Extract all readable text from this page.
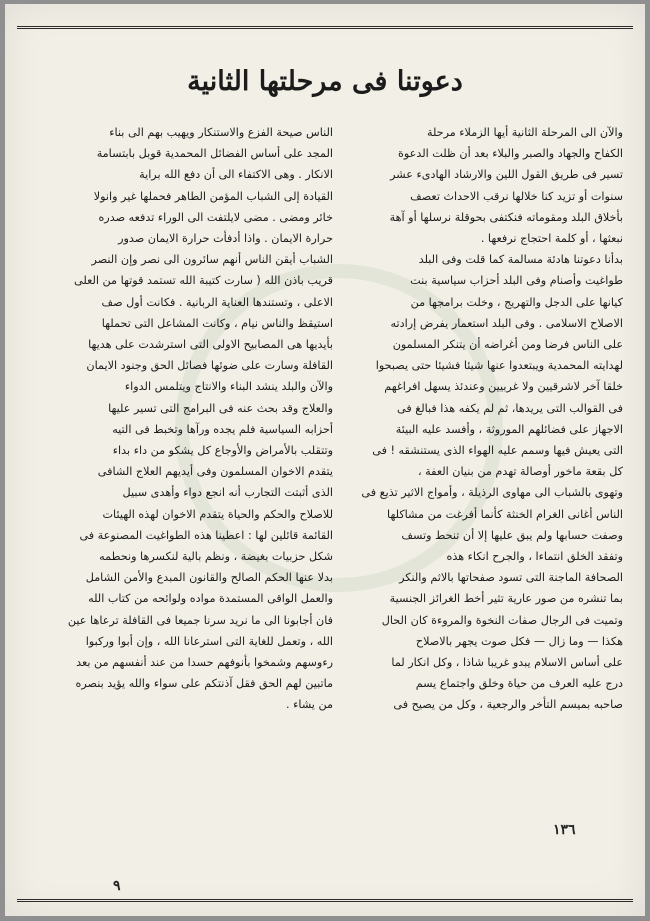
دعوتنا فى مرحلتها الثانية
والآن الى المرحلة الثانية أيها الزملاء مرحلة
الكفاح والجهاد والصبر والبلاء بعد أن ظلت الدعوة
تسير فى طريق القول اللين والارشاد الهادىء عشر
سنوات أو تزيد كنا خلالها نرقب الاحداث تعصف
بأخلاق البلد ومقوماته فنكتفى بحوقلة نرسلها أو آهة
نبعثها ، أو كلمة احتجاج نرفعها .
بدأنا دعوتنا هادئة مسالمة كما قلت وفى البلد
طواغيت وأصنام وفى البلد أحزاب سياسية بنت
كيانها على الدجل والتهريج ، وخلت برامجها من
الاصلاح الاسلامى . وفى البلد استعمار يفرض إرادته
على الناس فرضا ومن أغراضه أن يتنكر المسلمون
لهدايته المحمدية ويبتعدوا عنها شيئا فشيئا حتى يصبحوا
خلقا آخر لاشرقيين ولا غربيين وعندئذ يسهل افراغهم
فى القوالب التى يريدها، ثم لم يكفه هذا فبالغ فى
الاجهاز على فضائلهم الموروثة ، وأفسد عليه البيئة
التى يعيش فيها وسمم عليه الهواء الذى يستنشقه ! فى
كل بقعة ماخور أوصالة تهدم من بنيان العفة ،
وتهوى بالشباب الى مهاوى الرذيلة ، وأمواج الاثير تذيع فى
الناس أغانى الغرام الخنثة كأنما أفرغت من مشاكلها
وصفت حسابها ولم يبق عليها إلا أن تنحط وتسف
وتفقد الخلق انتماءا ، والجرح انكاء هذه
الصحافة الماجنة التى تسود صفحاتها بالاثم والنكر
بما تنشره من صور عارية تثير أخط الغرائز الجنسية
وتميت فى الرجال صفات النخوة والمروءة كان الحال
هكذا — وما زال — فكل صوت يجهر بالاصلاح
على أساس الاسلام يبدو غريبا شاذا ، وكل انكار لما
درج عليه العرف من حياة وخلق واجتماع يسم
صاحبه بميسم التأخر والرجعية ، وكل من يصيح فى
الناس صيحة الفزع والاستنكار ويهيب بهم الى بناء
المجد على أساس الفضائل المحمدية قوبل بابتسامة
الانكار . وهى الاكتفاء الى أن دفع الله براية
القيادة إلى الشباب المؤمن الطاهر فحملها غير وانولا
خائر ومضى . مضى لايلتفت الى الوراء تدفعه صدره
حرارة الايمان . واذا أدفأت حرارة الايمان صدور
الشباب أيقن الناس أنهم سائرون الى نصر وإن النصر
قريب باذن الله ( سارت كتيبة الله تستمد قوتها من العلى
الاعلى ، وتستندها العناية الربانية . فكانت أول صف
استيقظ والناس نيام ، وكانت المشاعل التى تحملها
بأيديها هى المصابيح الاولى التى استرشدت على هديها
القافلة وسارت على ضوئها فصائل الحق وجنود الايمان
والآن والبلد ينشد البناء والانتاج ويتلمس الدواء
والعلاج وقد بحث عنه فى البرامج التى تسير عليها
أحزابه السياسية فلم يجده ورآها وتخبط فى التيه
وتتقلب بالأمراض والأوجاع كل يشكو من داء بداء
يتقدم الاخوان المسلمون وفى أيديهم العلاج الشافى
الذى أثبتت التجارب أنه انجع دواء وأهدى سبيل
للاصلاح والحكم والحياة يتقدم الاخوان لهذه الهيئات
القائمة قائلين لها : اعطينا هذه الطواغيت المصنوعة فى
شكل حزبيات بغيضة ، ونظم بالية لنكسرها ونحطمه
بدلا عنها الحكم الصالح والقانون المبدع والأمن الشامل
والعمل الواقى المستمدة مواده ولوائحه من كتاب الله
فان أجابونا الى ما نريد سرنا جميعا فى القافلة ترعاها عين
الله ، وتعمل للغاية التى استرعانا الله ، وإن أبوا وركبوا
رءوسهم وشمخوا بأنوفهم حسدا من عند أنفسهم من بعد
ماتبين لهم الحق فقل آذنتكم على سواء والله يؤيد بنصره
من يشاء .
٩
١٣٦
